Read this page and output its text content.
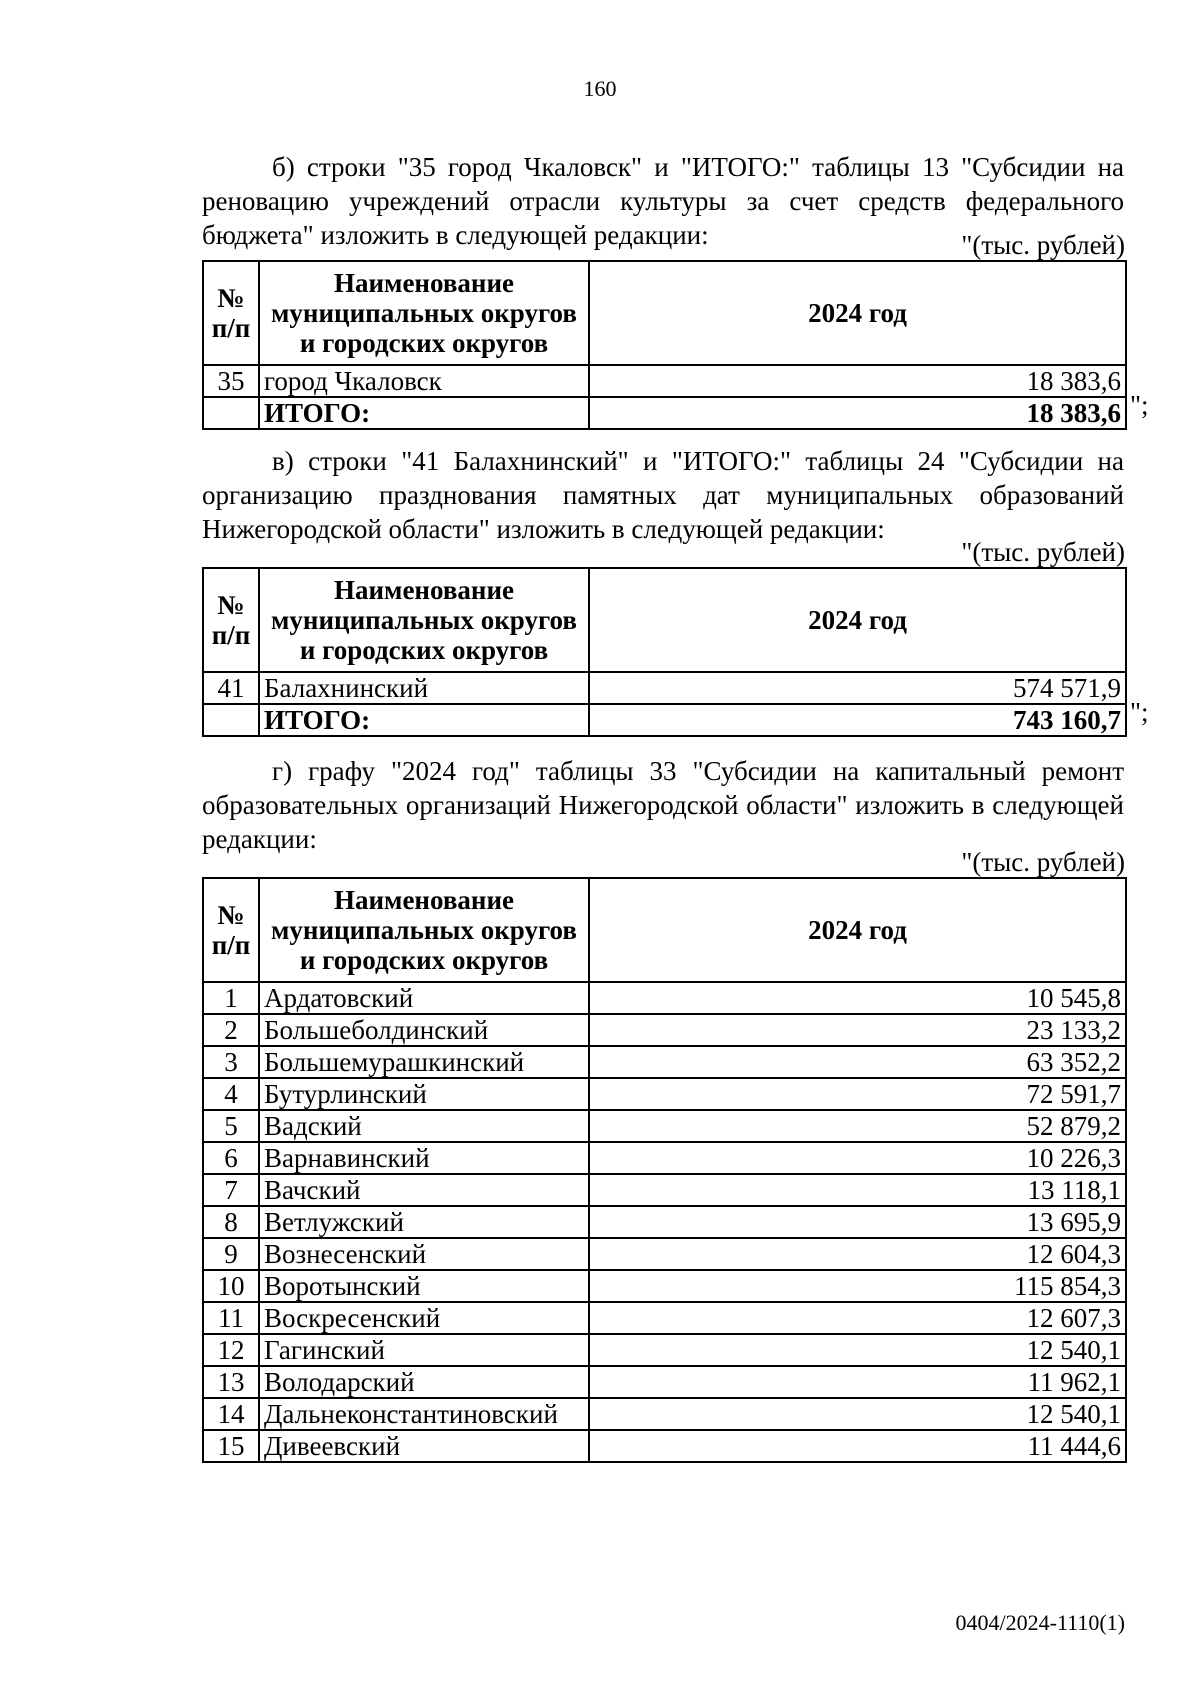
160

б) строки "35 город Чкаловск" и "ИТОГО:" таблицы 13 "Субсидии на реновацию учреждений отрасли культуры за счет средств федерального бюджета" изложить в следующей редакции:	"(тыс. рублей)
№ п/п	Наименование муниципальных округов и городских округов	2024 год
35	город Чкаловск	18 383,6
	ИТОГО:	18 383,6 ";

в) строки "41 Балахнинский" и "ИТОГО:" таблицы 24 "Субсидии на организацию празднования памятных дат муниципальных образований Нижегородской области" изложить в следующей редакции:

"(тыс. рублей)
№ п/п	Наименование муниципальных округов и городских округов	2024 год
41	Балахнинский	574 571,9
	ИТОГО:	743 160,7 ";

г) графу "2024 год" таблицы 33 "Субсидии на капитальный ремонт образовательных организаций Нижегородской области" изложить в следующей редакции:

"(тыс. рублей)
№ п/п	Наименование муниципальных округов и городских округов	2024 год
1	Ардатовский	10 545,8
2	Большеболдинский	23 133,2
3	Большемурашкинский	63 352,2
4	Бутурлинский	72 591,7
5	Вадский	52 879,2
6	Варнавинский	10 226,3
7	Вачский	13 118,1
8	Ветлужский	13 695,9
9	Вознесенский	12 604,3
10	Воротынский	115 854,3
11	Воскресенский	12 607,3
12	Гагинский	12 540,1
13	Володарский	11 962,1
14	Дальнеконстантиновский	12 540,1
15	Дивеевский	11 444,6
0404/2024-1110(1)
